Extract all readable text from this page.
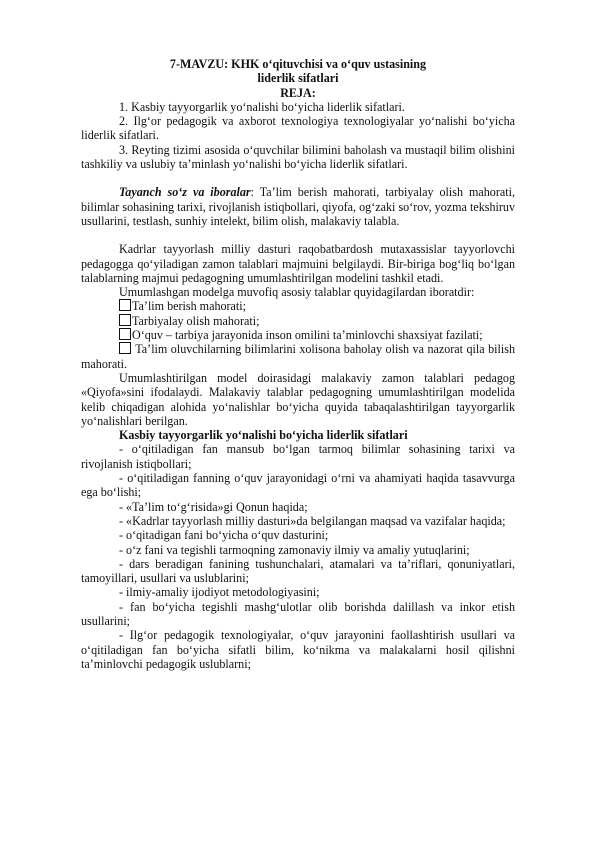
7-MAVZU: KHK o‘qituvchisi va o‘quv ustasining
liderlik sifatlari
REJA:

1. Kasbiy tayyorgarlik yo‘nalishi bo‘yicha liderlik sifatlari.

2. Ilg‘or pedagogik va axborot texnologiya texnologiyalar yo‘nalishi bo‘yicha liderlik sifatlari.

3. Reyting tizimi asosida o‘quvchilar bilimini baholash va mustaqil bilim olishini tashkiliy va uslubiy ta’minlash yo‘nalishi bo‘yicha liderlik sifatlari.

Tayanch so‘z va iboralar: Ta’lim berish mahorati, tarbiyalay olish mahorati, bilimlar sohasining tarixi, rivojlanish istiqbollari, qiyofa, og‘zaki so‘rov, yozma tekshiruv usullarini, testlash, sunhiy intelekt, bilim olish, malakaviy talabla.

Kadrlar tayyorlash milliy dasturi raqobatbardosh mutaxassislar tayyorlovchi pedagogga qo‘yiladigan zamon talablari majmuini belgilaydi. Bir-biriga bog‘liq bo‘lgan talablarning majmui pedagogning umumlashtirilgan modelini tashkil etadi.

Umumlashgan modelga muvofiq asosiy talablar quyidagilardan iboratdir:

Ta’lim berish mahorati;

Tarbiyalay olish mahorati;

O‘quv – tarbiya jarayonida inson omilini ta’minlovchi shaxsiyat fazilati;

Ta’lim oluvchilarning bilimlarini xolisona baholay olish va nazorat qila bilish mahorati.

Umumlashtirilgan model doirasidagi malakaviy zamon talablari pedagog «Qiyofa»sini ifodalaydi. Malakaviy talablar pedagogning umumlashtirilgan modelida kelib chiqadigan alohida yo‘nalishlar bo‘yicha quyida tabaqalashtirilgan tayyorgarlik yo‘nalishlari berilgan.

Kasbiy tayyorgarlik yo‘nalishi bo‘yicha liderlik sifatlari

- o‘qitiladigan fan mansub bo‘lgan tarmoq bilimlar sohasining tarixi va rivojlanish istiqbollari;

- o‘qitiladigan fanning o‘quv jarayonidagi o‘rni va ahamiyati haqida tasavvurga ega bo‘lishi;

- «Ta’lim to‘g‘risida»gi Qonun haqida;

- «Kadrlar tayyorlash milliy dasturi»da belgilangan maqsad va vazifalar haqida;

- o‘qitadigan fani bo‘yicha o‘quv dasturini;

- o‘z fani va tegishli tarmoqning zamonaviy ilmiy va amaliy yutuqlarini;

- dars beradigan fanining tushunchalari, atamalari va ta’riflari, qonuniyatlari, tamoyillari, usullari va uslublarini;

- ilmiy-amaliy ijodiyot metodologiyasini;

- fan bo‘yicha tegishli mashg‘ulotlar olib borishda dalillash va inkor etish usullarini;

- Ilg‘or pedagogik texnologiyalar, o‘quv jarayonini faollashtirish usullari va o‘qitiladigan fan bo‘yicha sifatli bilim, ko‘nikma va malakalarni hosil qilishni ta’minlovchi pedagogik uslublarni;
